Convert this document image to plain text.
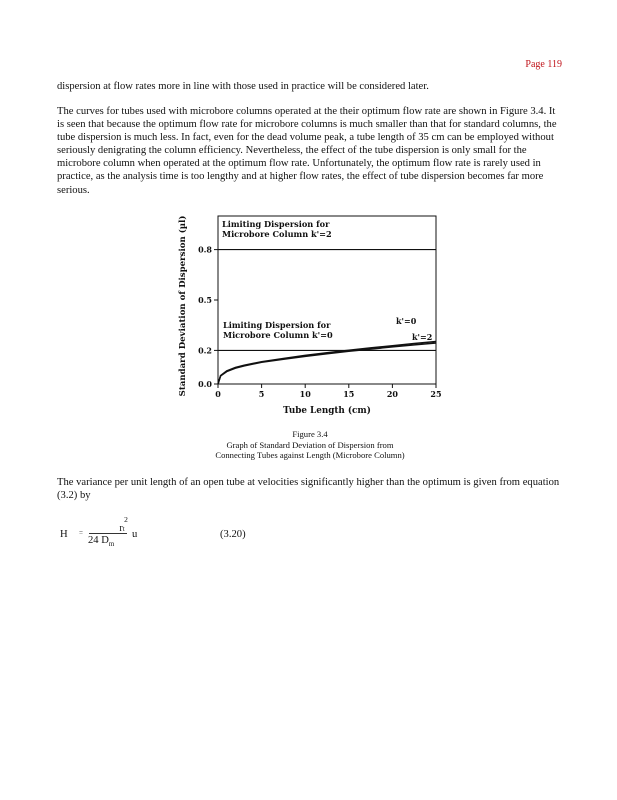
Page 119

dispersion at flow rates more in line with those used in practice will be considered later.

The curves for tubes used with microbore columns operated at the their optimum flow rate are shown in Figure 3.4. It is seen that because the optimum flow rate for microbore columns is much smaller than that for standard columns, the tube dispersion is much less. In fact, even for the dead volume peak, a tube length of 35 cm can be employed without seriously denigrating the column efficiency. Nevertheless, the effect of the tube dispersion is only small for the microbore column when operated at the optimum flow rate. Unfortunately, the optimum flow rate is rarely used in practice, as the analysis time is too lengthy and at higher flow rates, the effect of tube dispersion becomes far more serious.

0.0
0.2
0.5
0.8
0	5	10	15	20	25
Limiting Dispersion for
Microbore Column k'=2
Limiting Dispersion for
Microbore Column k'=0
k'=0
k'=2
Tube Length (cm)
Standard Deviation of Dispersion (µl)
Figure 3.4
Graph of Standard Deviation of Dispersion from
Connecting Tubes against Length (Microbore Column)

The variance per unit length of an open tube at velocities significantly higher than the optimum is given from equation (3.2) by

H =
2
rt
24 $D_m$
u	(3.20)
